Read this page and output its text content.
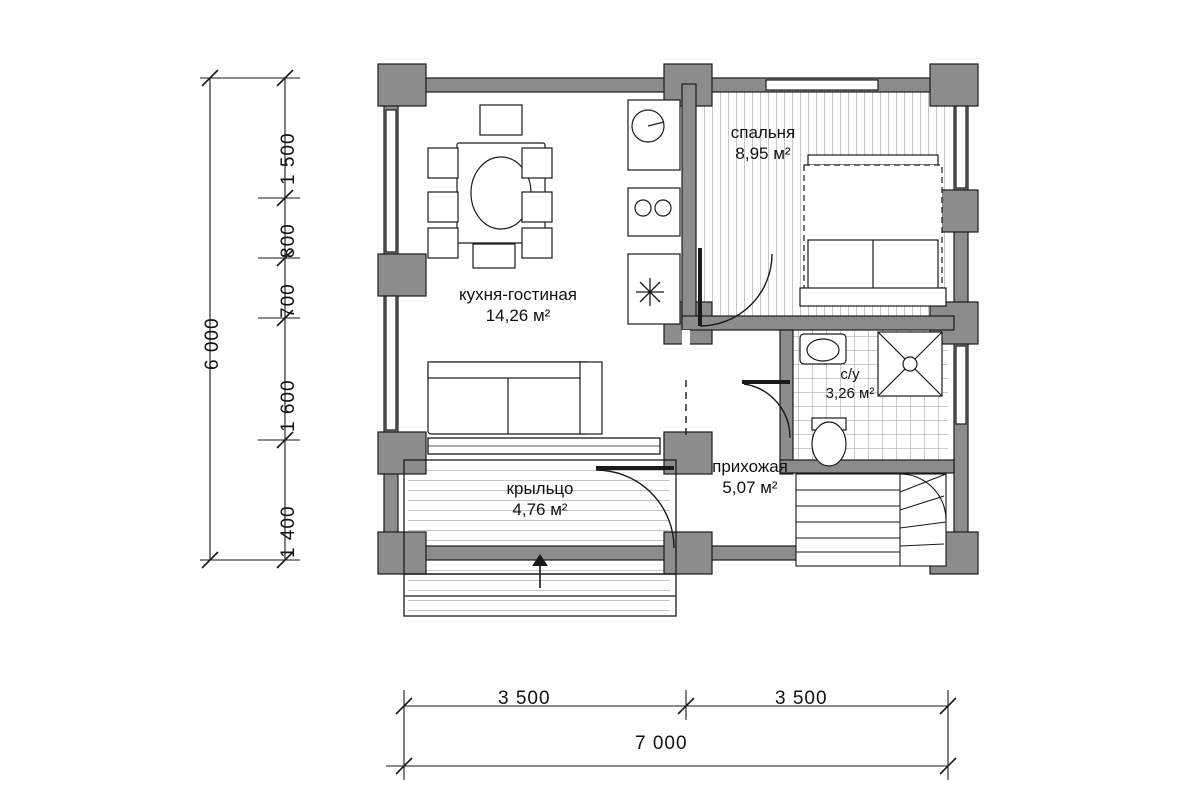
кухня-гостиная
14,26 м²
спальня
8,95 м²
с/у
3,26 м²
прихожая
5,07 м²
крыльцо
4,76 м²
6 000
1 500
800
700
1 600
1 400
3 500	3 500
7 000
